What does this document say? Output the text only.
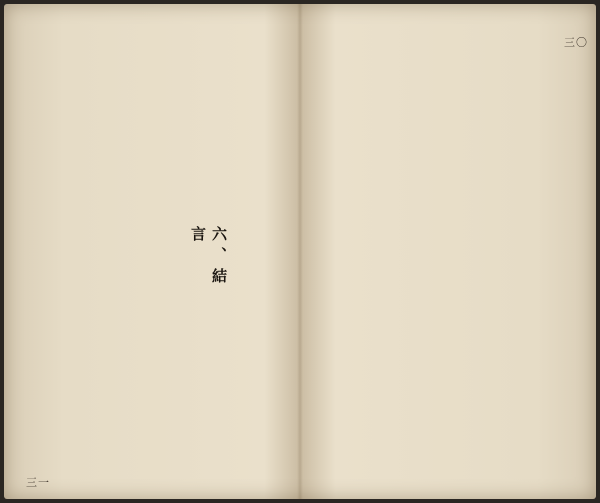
六、結　言
三一
三〇
